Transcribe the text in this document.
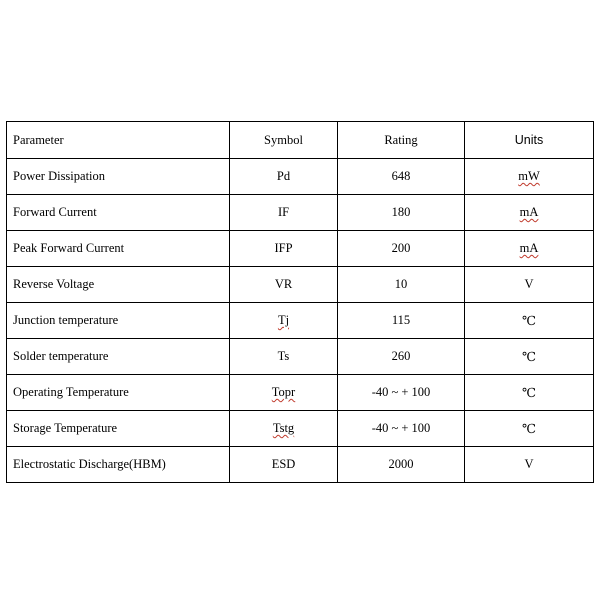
Parameter	Symbol	Rating	Units
Power Dissipation	Pd	648	mW
Forward Current	IF	180	mA
Peak Forward Current	IFP	200	mA
Reverse Voltage	VR	10	V
Junction temperature	Tj	115	℃
Solder temperature	Ts	260	℃
Operating Temperature	Topr	-40 ~ + 100	℃
Storage Temperature	Tstg	-40 ~ + 100	℃
Electrostatic Discharge(HBM)	ESD	2000	V
